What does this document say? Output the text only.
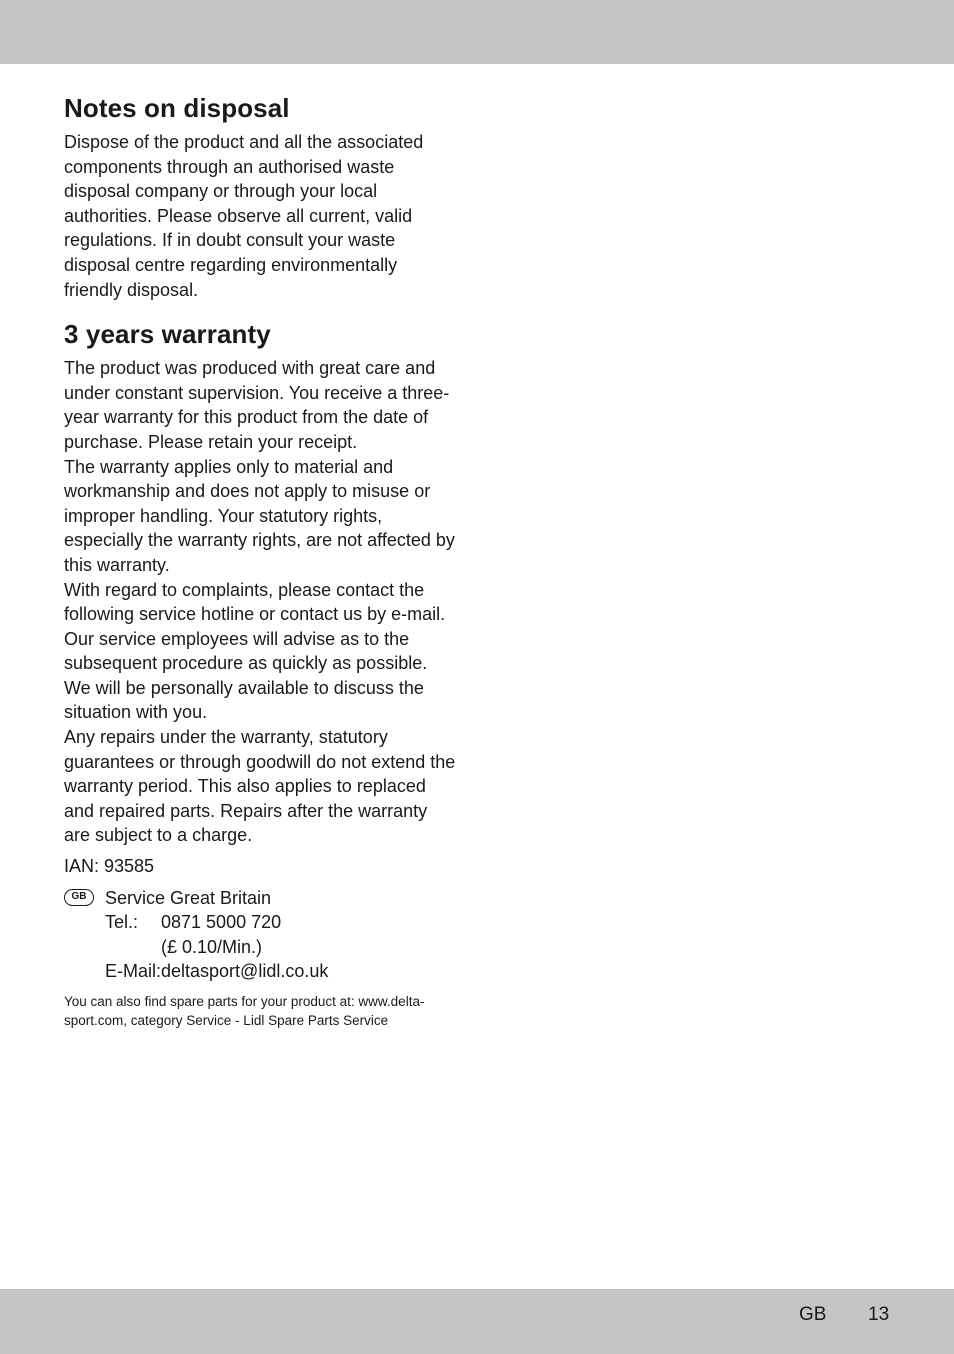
Notes on disposal

Dispose of the product and all the associated components through an authorised waste disposal company or through your local authorities. Please observe all current, valid regulations. If in doubt consult your waste disposal centre regarding environmentally friendly disposal.

3 years warranty

The product was produced with great care and under constant supervision. You receive a three-year warranty for this product from the date of purchase. Please retain your receipt.

The warranty applies only to material and workmanship and does not apply to misuse or improper handling. Your statutory rights, especially the warranty rights, are not affected by this warranty.

With regard to complaints, please contact the following service hotline or contact us by e-mail. Our service employees will advise as to the subsequent procedure as quickly as possible. We will be personally available to discuss the situation with you.

Any repairs under the warranty, statutory guarantees or through goodwill do not extend the warranty period. This also applies to replaced and repaired parts. Repairs after the warranty are subject to a charge.

IAN: 93585
GB	Service Great Britain
Tel.:	0871 5000 720
(£ 0.10/Min.)
E-Mail:deltasport@lidl.co.uk

You can also find spare parts for your product at: www.delta-sport.com, category Service - Lidl Spare Parts Service

GB 13
